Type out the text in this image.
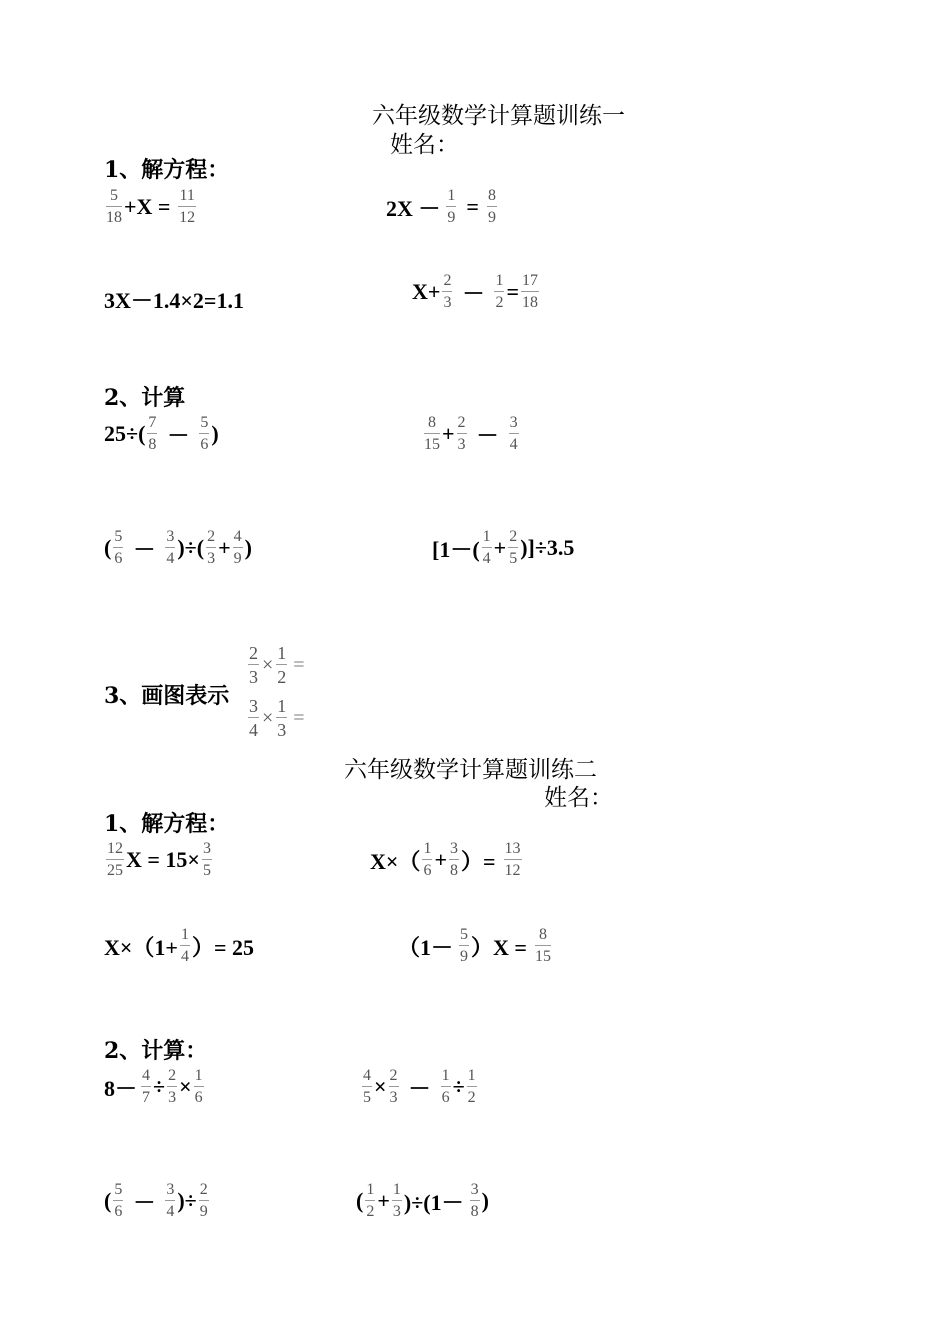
六年级数学计算题训练一
姓名：
1、解方程：
$\frac{5}{18} +X = \frac{11}{12}$	$2X - \frac{1}{9} = \frac{8}{9}$
3X－1.4×2=1.1	$X+ \frac{2}{3} - \frac{1}{2} = \frac{17}{18}$
2、计算
$25\div( \frac{7}{8} - \frac{5}{6}$ )	$\frac{8}{15} + \frac{2}{3} - \frac{3}{4}$
( $\frac{5}{6} - \frac{3}{4}$ )÷( $\frac{2}{3} + \frac{4}{9}$ )	$[1-( \frac{1}{4} + \frac{2}{5} )]\div 3.5$
3、画图表示
$\frac{2}{3} \times \frac{1}{2}$ =
$\frac{3}{4} \times \frac{1}{3}$ =
六年级数学计算题训练二
姓名：
1、解方程：
$\frac{12}{25}$ $X = 15\times \frac{3}{5}$	$X\times( \frac{1}{6} + \frac{3}{8}$ ）= $\frac{13}{12}$
$X\times(1+ \frac{1}{4}$ ）= 25	$(1- \frac{5}{9} )X = \frac{8}{15}$
2、计算：
$8- \frac{4}{7} \div \frac{2}{3} \times \frac{1}{6}$	$\frac{4}{5} \times \frac{2}{3} - \frac{1}{6} \div \frac{1}{2}$
( $\frac{5}{6} - \frac{3}{4}$ )÷ $\frac{2}{9}$	( $\frac{1}{2} + \frac{1}{3} )\div(1- \frac{3}{8}$ )
